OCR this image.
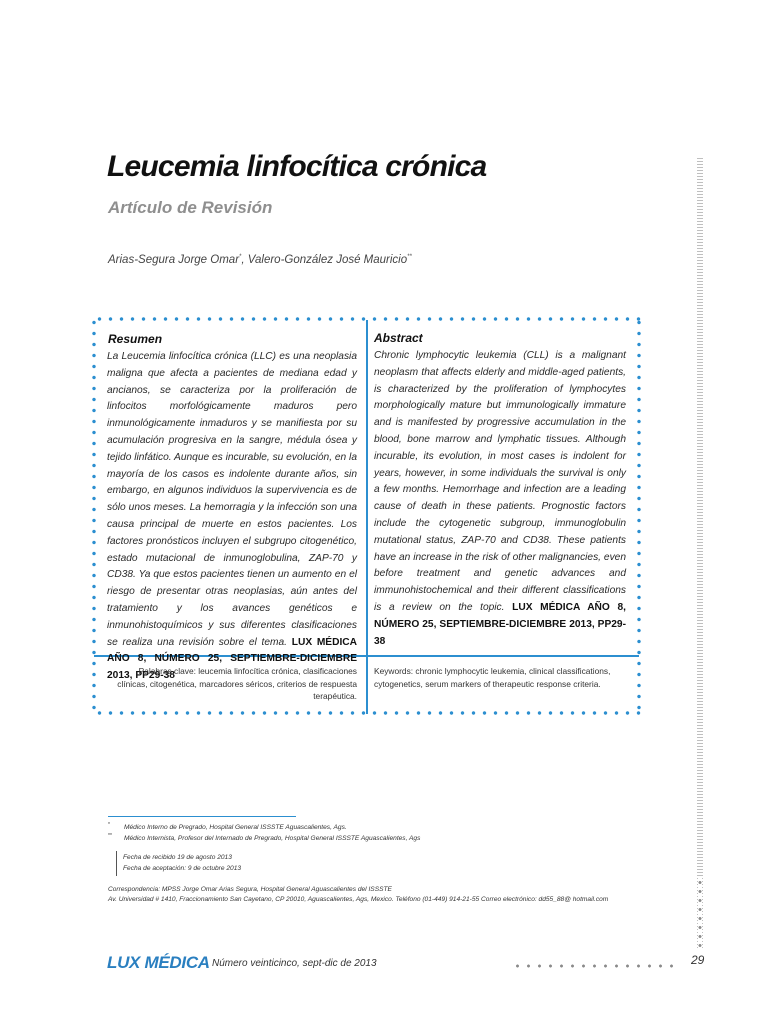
Leucemia linfocítica crónica
Artículo de Revisión
Arias-Segura Jorge Omar*, Valero-González José Mauricio**
Resumen
La Leucemia linfocítica crónica (LLC) es una neoplasia maligna que afecta a pacientes de mediana edad y ancianos, se caracteriza por la proliferación de linfocitos morfológicamente maduros pero inmunológicamente inmaduros y se manifiesta por su acumulación progresiva en la sangre, médula ósea y tejido linfático. Aunque es incurable, su evolución, en la mayoría de los casos es indolente durante años, sin embargo, en algunos individuos la supervivencia es de sólo unos meses. La hemorragia y la infección son una causa principal de muerte en estos pacientes. Los factores pronósticos incluyen el subgrupo citogenético, estado mutacional de inmunoglobulina, ZAP-70 y CD38. Ya que estos pacientes tienen un aumento en el riesgo de presentar otras neoplasias, aún antes del tratamiento y los avances genéticos e inmunohistoquímicos y sus diferentes clasificaciones se realiza una revisión sobre el tema. LUX MÉDICA AÑO 8, NÚMERO 25, SEPTIEMBRE-DICIEMBRE 2013, PP29-38
Abstract
Chronic lymphocytic leukemia (CLL) is a malignant neoplasm that affects elderly and middle-aged patients, is characterized by the proliferation of lymphocytes morphologically mature but immunologically immature and is manifested by progressive accumulation in the blood, bone marrow and lymphatic tissues. Although incurable, its evolution, in most cases is indolent for years, however, in some individuals the survival is only a few months. Hemorrhage and infection are a leading cause of death in these patients. Prognostic factors include the cytogenetic subgroup, immunoglobulin mutational status, ZAP-70 and CD38. These patients have an increase in the risk of other malignancies, even before treatment and genetic advances and immunohistochemical and their different classifications is a review on the topic. LUX MÉDICA AÑO 8, NÚMERO 25, SEPTIEMBRE-DICIEMBRE 2013, PP29-38
Palabras clave: leucemia linfocítica crónica, clasificaciones clínicas, citogenética, marcadores séricos, criterios de respuesta terapéutica.
Keywords: chronic lymphocytic leukemia, clinical classifications, cytogenetics, serum markers of therapeutic response criteria.
* Médico Interno de Pregrado, Hospital General ISSSTE Aguascalientes, Ags.
** Médico Internista, Profesor del Internado de Pregrado, Hospital General ISSSTE Aguascalientes, Ags
Fecha de recibido 19 de agosto 2013
Fecha de aceptación: 9 de octubre 2013
Correspondencia: MPSS Jorge Omar Arias Segura, Hospital General Aguascalientes del ISSSTE
Av. Universidad # 1410, Fraccionamiento San Cayetano, CP 20010, Aguascalientes, Ags, Mexico. Teléfono (01-449) 914-21-55 Correo electrónico: dd55_88@ hotmail.com
LUX MÉDICA Número veinticinco, sept-dic de 2013	29
